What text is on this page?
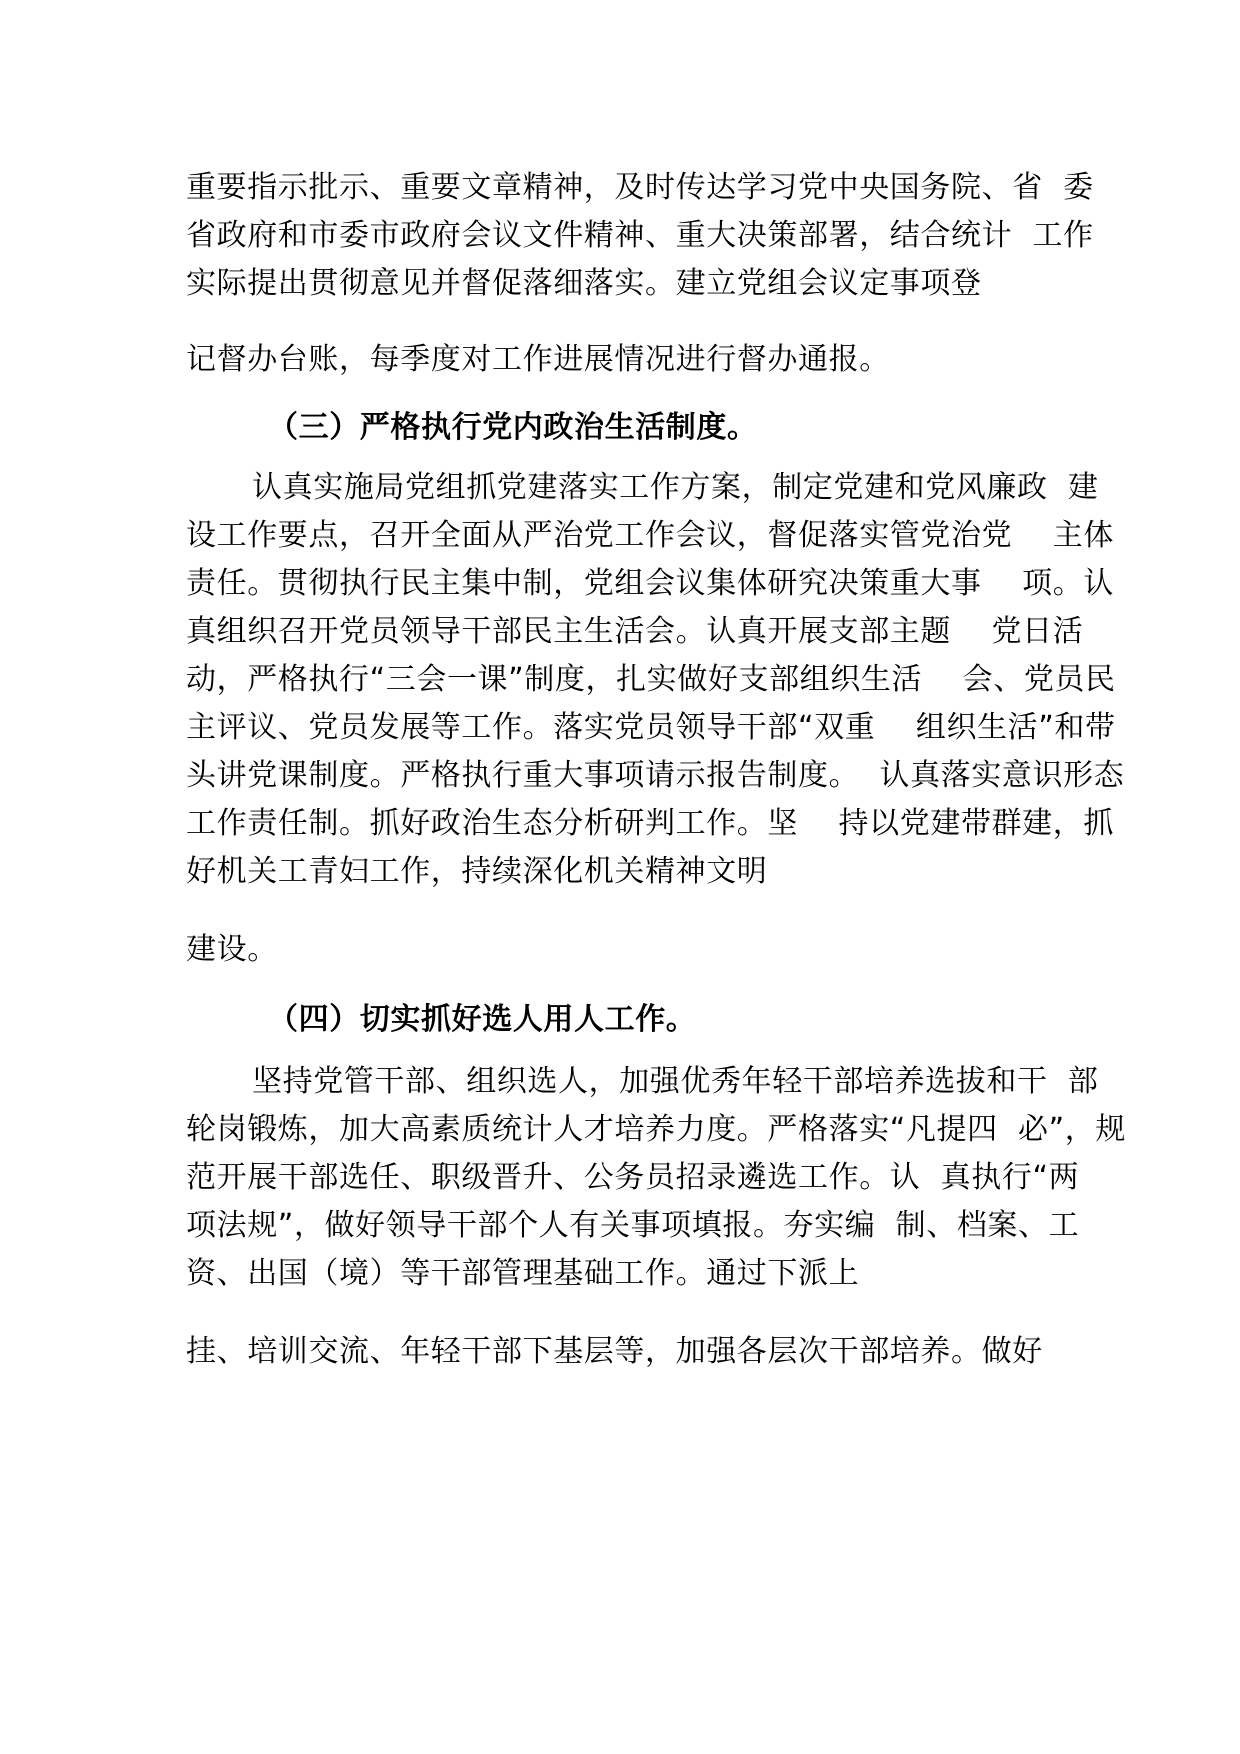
重要指示批示、重要文章精神，及时传达学习党中央国务院、省  委
省政府和市委市政府会议文件精神、重大决策部署，结合统计  工作
实际提出贯彻意见并督促落细落实。建立党组会议定事项登
记督办台账，每季度对工作进展情况进行督办通报。
（三）严格执行党内政治生活制度。
认真实施局党组抓党建落实工作方案，制定党建和党风廉政  建
设工作要点，召开全面从严治党工作会议，督促落实管党治党    主体
责任。贯彻执行民主集中制，党组会议集体研究决策重大事    项。认
真组织召开党员领导干部民主生活会。认真开展支部主题    党日活
动，严格执行“三会一课”制度，扎实做好支部组织生活    会、党员民
主评议、党员发展等工作。落实党员领导干部“双重    组织生活”和带
头讲党课制度。严格执行重大事项请示报告制度。  认真落实意识形态
工作责任制。抓好政治生态分析研判工作。坚    持以党建带群建，抓
好机关工青妇工作，持续深化机关精神文明
建设。
（四）切实抓好选人用人工作。
坚持党管干部、组织选人，加强优秀年轻干部培养选拔和干  部
轮岗锻炼，加大高素质统计人才培养力度。严格落实“凡提四  必”，规
范开展干部选任、职级晋升、公务员招录遴选工作。认  真执行“两
项法规”，做好领导干部个人有关事项填报。夯实编  制、档案、工
资、出国（境）等干部管理基础工作。通过下派上
挂、培训交流、年轻干部下基层等，加强各层次干部培养。做好
